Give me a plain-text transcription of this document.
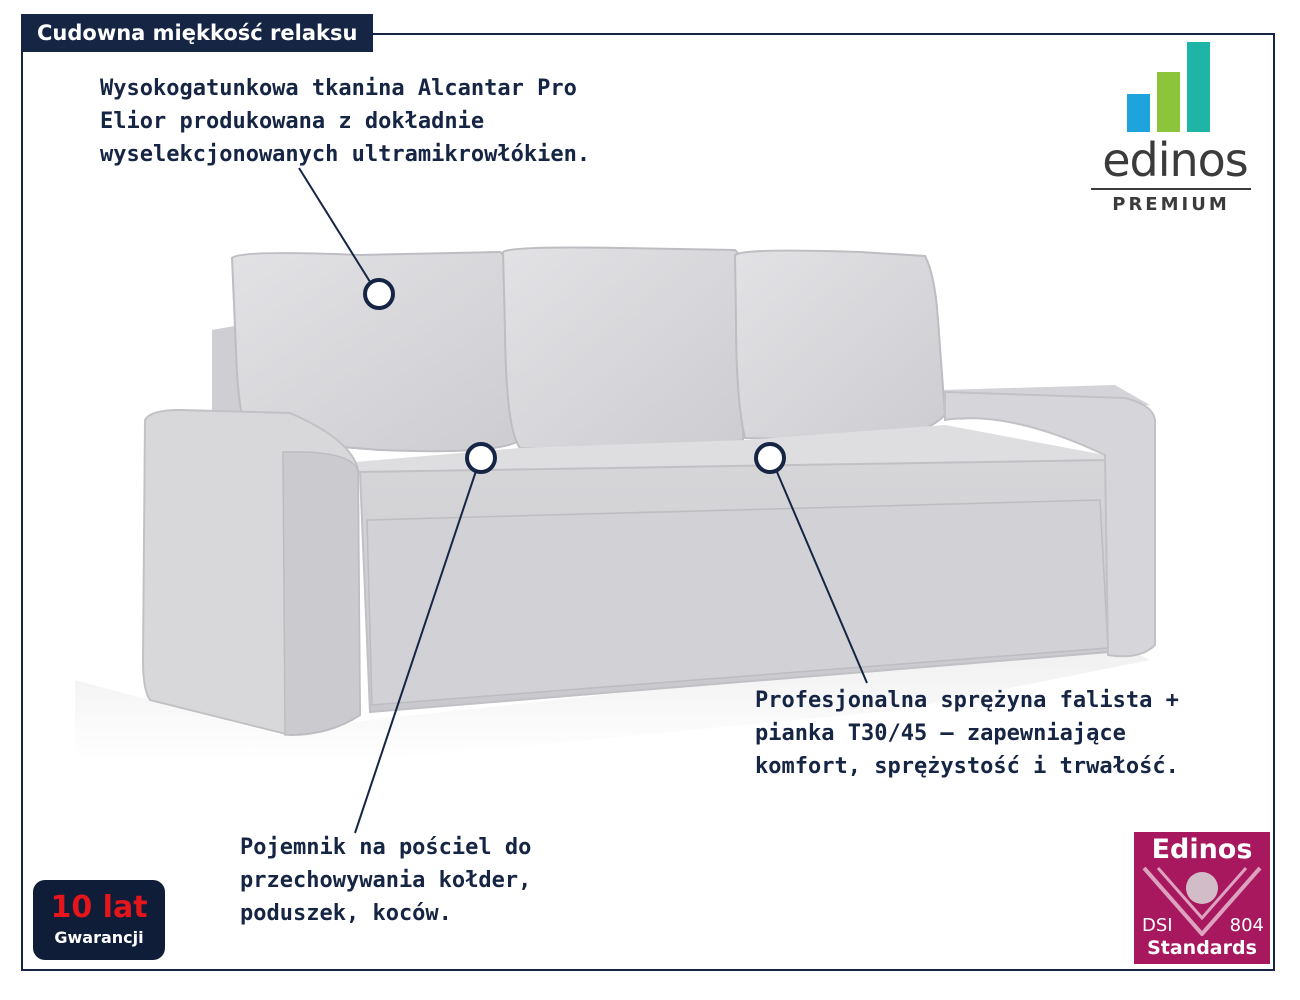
Cudowna miękkość relaksu
Wysokogatunkowa tkanina Alcantar Pro
Elior produkowana z dokładnie
wyselekcjonowanych ultramikrowłókien.
Profesjonalna sprężyna falista +
pianka T30/45 – zapewniające
komfort, sprężystość i trwałość.
Pojemnik na pościel do
przechowywania kołder,
poduszek, koców.
edinos
PREMIUM
10 lat
Gwarancji
Edinos
DSI	804
Standards
